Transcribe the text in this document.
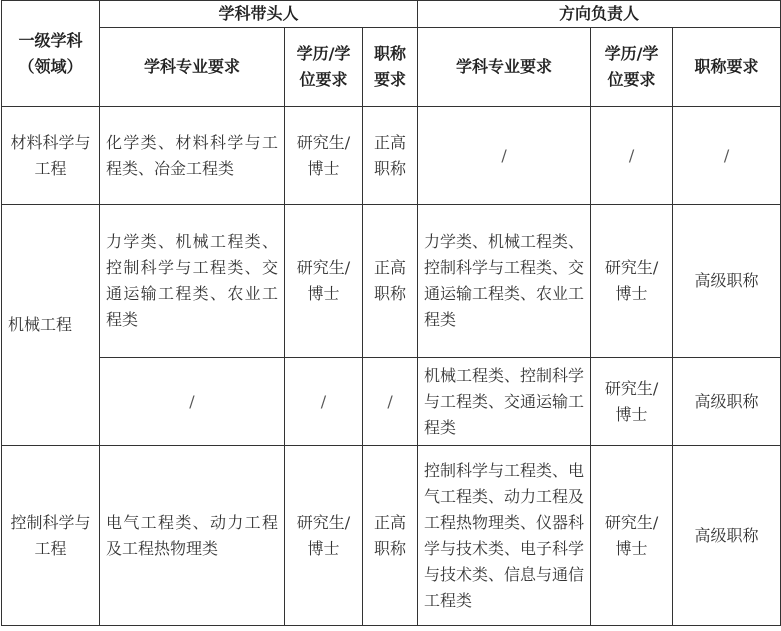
一级学科（领域）	学科带头人			方向负责人		
	学科专业要求	学历/学位要求	职称要求	学科专业要求	学历/学位要求	职称要求
材料科学与工程	化学类、材料科学与工程类、冶金工程类	研究生/博士	正高职称	/	/	/
机械工程	力学类、机械工程类、控制科学与工程类、交通运输工程类、农业工程类	研究生/博士	正高职称	力学类、机械工程类、控制科学与工程类、交通运输工程类、农业工程类	研究生/博士	高级职称
	/	/	/	机械工程类、控制科学与工程类、交通运输工程类	研究生/博士	高级职称
控制科学与工程	电气工程类、动力工程及工程热物理类	研究生/博士	正高职称	控制科学与工程类、电气工程类、动力工程及工程热物理类、仪器科学与技术类、电子科学与技术类、信息与通信工程类	研究生/博士	高级职称
